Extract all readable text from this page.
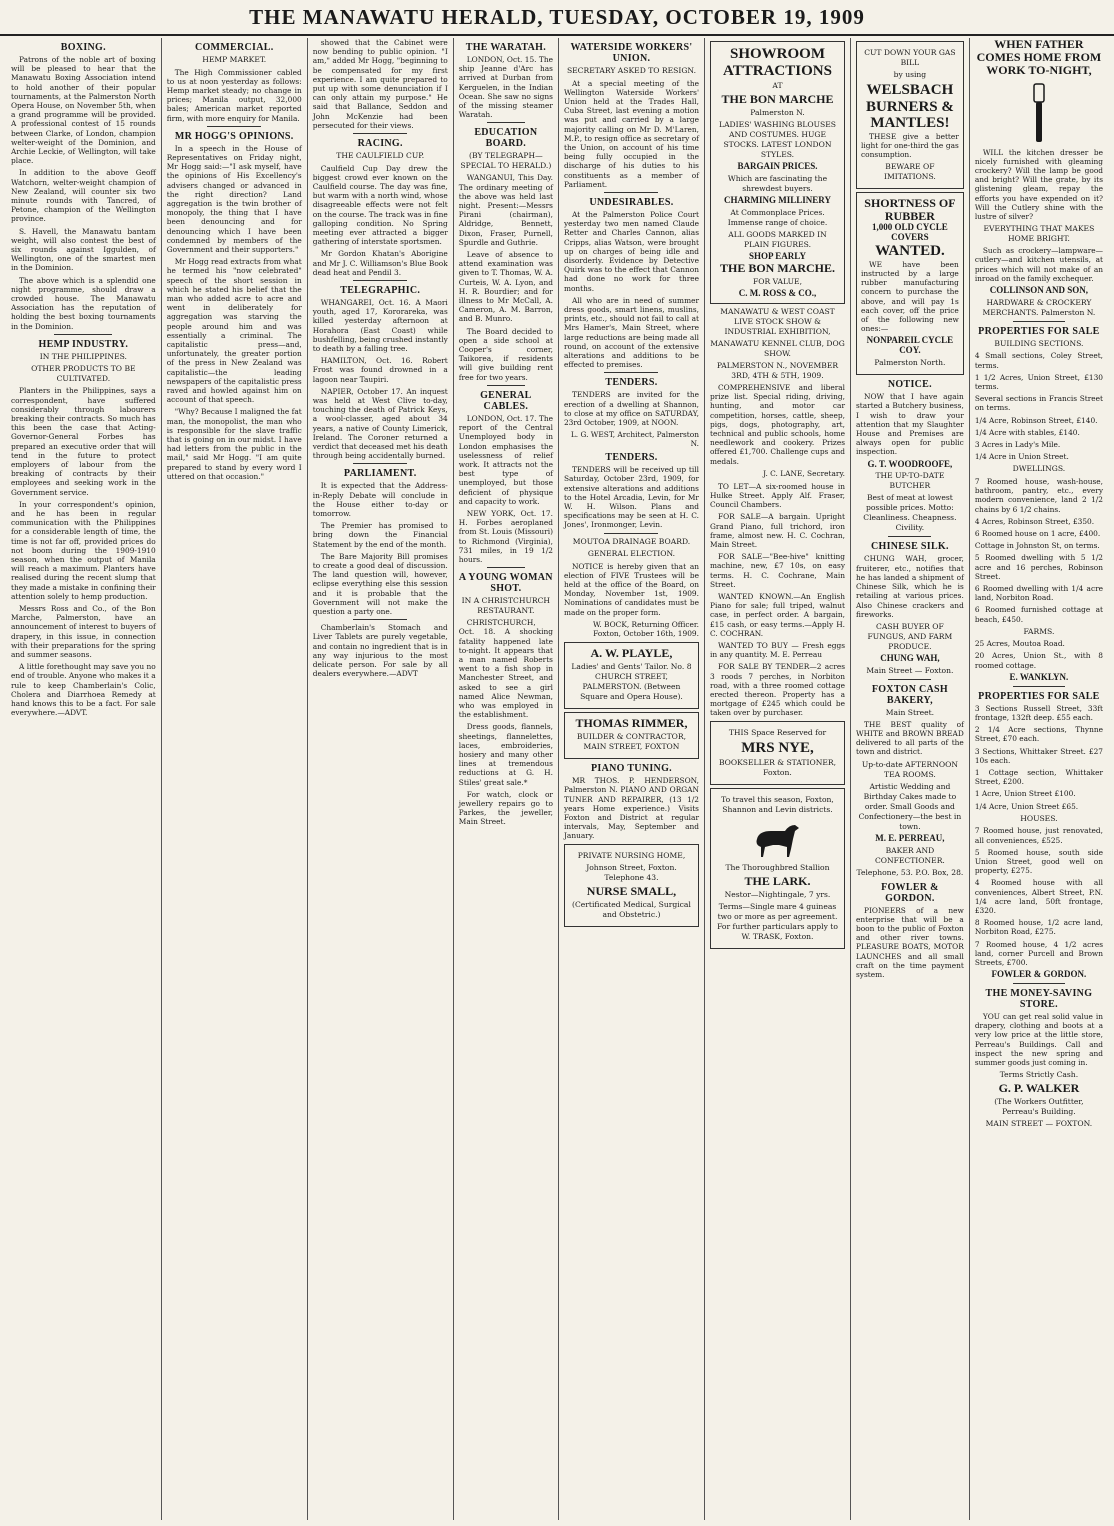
THE MANAWATU HERALD, TUESDAY, OCTOBER 19, 1909
BOXING.

Patrons of the noble art of boxing will be pleased to hear that the Manawatu Boxing Association intend to hold another of their popular tournaments, at the Palmerston North Opera House, on November 5th, when a grand programme will be provided. A professional contest of 15 rounds between Clarke, of London, champion welter-weight of the Dominion, and Archie Leckie, of Wellington, will take place.

In addition to the above Geoff Watchorn, welter-weight champion of New Zealand, will counter six two minute rounds with Tancred, of Petone, champion of the Wellington province.

S. Havell, the Manawatu bantam weight, will also contest the best of six rounds against Iggulden, of Wellington, one of the smartest men in the Dominion.

The above which is a splendid one night programme, should draw a crowded house. The Manawatu Association has the reputation of holding the best boxing tournaments in the Dominion.

HEMP INDUSTRY.
IN THE PHILIPPINES.
OTHER PRODUCTS TO BE CULTIVATED.

Planters in the Philippines, says a correspondent, have suffered considerably through labourers breaking their contracts. So much has this been the case that Acting-Governor-General Forbes has prepared an executive order that will tend in the future to protect employers of labour from the breaking of contracts by their employees and seeking work in the Government service.

In your correspondent's opinion, and he has been in regular communication with the Philippines for a considerable length of time, the time is not far off, provided prices do not boom during the 1909-1910 season, when the output of Manila will reach a maximum. Planters have realised during the recent slump that they made a mistake in confining their attention solely to hemp production.

Messrs Ross and Co., of the Bon Marche, Palmerston, have an announcement of interest to buyers of drapery, in this issue, in connection with their preparations for the spring and summer seasons.

A little forethought may save you no end of trouble. Anyone who makes it a rule to keep Chamberlain's Colic, Cholera and Diarrhoea Remedy at hand knows this to be a fact. For sale everywhere.—ADVT.

COMMERCIAL.
HEMP MARKET.

The High Commissioner cabled to us at noon yesterday as follows: Hemp market steady; no change in prices; Manila output, 32,000 bales; American market reported firm, with more enquiry for Manila.

MR HOGG'S OPINIONS.

In a speech in the House of Representatives on Friday night, Mr Hogg said:—"I ask myself, have the opinions of His Excellency's advisers changed or advanced in the right direction? Land aggregation is the twin brother of monopoly, the thing that I have been denouncing and for denouncing which I have been condemned by members of the Government and their supporters."

Mr Hogg read extracts from what he termed his "now celebrated" speech of the short session in which he stated his belief that the man who added acre to acre and went in deliberately for aggregation was starving the people around him and was essentially a criminal. The capitalistic press—and, unfortunately, the greater portion of the press in New Zealand was capitalistic—the leading newspapers of the capitalistic press raved and howled against him on account of that speech.

"Why? Because I maligned the fat man, the monopolist, the man who is responsible for the slave traffic that is going on in our midst. I have had letters from the public in the mail," said Mr Hogg. "I am quite prepared to stand by every word I uttered on that occasion."

showed that the Cabinet were now bending to public opinion. "I am," added Mr Hogg, "beginning to be compensated for my first experience. I am quite prepared to put up with some denunciation if I can only attain my purpose." He said that Ballance, Seddon and John McKenzie had been persecuted for their views.

RACING.
THE CAULFIELD CUP.

Caulfield Cup Day drew the biggest crowd ever known on the Caulfield course. The day was fine, but warm with a north wind, whose disagreeable effects were not felt on the course. The track was in fine galloping condition. No Spring meeting ever attracted a bigger gathering of interstate sportsmen.

Mr Gordon Khatan's Aborigine and Mr J. C. Williamson's Blue Book dead heat and Pendil 3.

TELEGRAPHIC.

WHANGAREI, Oct. 16. A Maori youth, aged 17, Kororareka, was killed yesterday afternoon at Horahora (East Coast) while bushfelling, being crushed instantly to death by a falling tree.

HAMILTON, Oct. 16. Robert Frost was found drowned in a lagoon near Taupiri.

NAPIER, October 17. An inquest was held at West Clive to-day, touching the death of Patrick Keys, a wool-classer, aged about 34 years, a native of County Limerick, Ireland. The Coroner returned a verdict that deceased met his death through being accidentally burned.

PARLIAMENT.

It is expected that the Address-in-Reply Debate will conclude in the House either to-day or tomorrow.

The Premier has promised to bring down the Financial Statement by the end of the month.

The Bare Majority Bill promises to create a good deal of discussion. The land question will, however, eclipse everything else this session and it is probable that the Government will not make the question a party one.

Chamberlain's Stomach and Liver Tablets are purely vegetable, and contain no ingredient that is in any way injurious to the most delicate person. For sale by all dealers everywhere.—ADVT

THE WARATAH.

LONDON, Oct. 15. The ship Jeanne d'Arc has arrived at Durban from Kerguelen, in the Indian Ocean. She saw no signs of the missing steamer Waratah.

EDUCATION BOARD.
(BY TELEGRAPH—SPECIAL TO HERALD.)

WANGANUI, This Day. The ordinary meeting of the above was held last night. Present:—Messrs Pirani (chairman), Aldridge, Bennett, Dixon, Fraser, Purnell, Spurdle and Guthrie.

Leave of absence to attend examination was given to T. Thomas, W. A. Curteis, W. A. Lyon, and H. R. Bourdier; and for illness to Mr McCall, A. Cameron, A. M. Barron, and B. Munro.

The Board decided to open a side school at Cooper's corner, Taikorea, if residents will give building rent free for two years.

GENERAL CABLES.

LONDON, Oct. 17. The report of the Central Unemployed body in London emphasises the uselessness of relief work. It attracts not the best type of unemployed, but those deficient of physique and capacity to work.

NEW YORK, Oct. 17. H. Forbes aeroplaned from St. Louis (Missouri) to Richmond (Virginia), 731 miles, in 19 1/2 hours.

A YOUNG WOMAN SHOT.
IN A CHRISTCHURCH RESTAURANT.

CHRISTCHURCH, Oct. 18. A shocking fatality happened late to-night. It appears that a man named Roberts went to a fish shop in Manchester Street, and asked to see a girl named Alice Newman, who was employed in the establishment.

Dress goods, flannels, sheetings, flannelettes, laces, embroideries, hosiery and many other lines at tremendous reductions at G. H. Stiles' great sale.*

For watch, clock or jewellery repairs go to Parkes, the jeweller, Main Street.

WATERSIDE WORKERS' UNION.
SECRETARY ASKED TO RESIGN.

At a special meeting of the Wellington Waterside Workers' Union held at the Trades Hall, Cuba Street, last evening a motion was put and carried by a large majority calling on Mr D. M'Laren, M.P., to resign office as secretary of the Union, on account of his time being fully occupied in the discharge of his duties to his constituents as a member of Parliament.

UNDESIRABLES.

At the Palmerston Police Court yesterday two men named Claude Retter and Charles Cannon, alias Cripps, alias Watson, were brought up on charges of being idle and disorderly. Evidence by Detective Quirk was to the effect that Cannon had done no work for three months.

All who are in need of summer dress goods, smart linens, muslins, prints, etc., should not fail to call at Mrs Hamer's, Main Street, where large reductions are being made all round, on account of the extensive alterations and additions to be effected to premises.

TENDERS.

TENDERS are invited for the erection of a dwelling at Shannon, to close at my office on SATURDAY, 23rd October, 1909, at NOON.

L. G. WEST, Architect, Palmerston N.
TENDERS.

TENDERS will be received up till Saturday, October 23rd, 1909, for extensive alterations and additions to the Hotel Arcadia, Levin, for Mr W. H. Wilson. Plans and specifications may be seen at H. C. Jones', Ironmonger, Levin.

MOUTOA DRAINAGE BOARD.
GENERAL ELECTION.

NOTICE is hereby given that an election of FIVE Trustees will be held at the office of the Board, on Monday, November 1st, 1909. Nominations of candidates must be made on the proper form.

W. BOCK, Returning Officer. Foxton, October 16th, 1909.
A. W. PLAYLE,
Ladies' and Gents' Tailor. No. 8 CHURCH STREET, PALMERSTON. (Between Square and Opera House).
THOMAS RIMMER,
BUILDER & CONTRACTOR, MAIN STREET, FOXTON
PIANO TUNING.

MR THOS. P. HENDERSON, Palmerston N. PIANO AND ORGAN TUNER AND REPAIRER, (13 1/2 years Home experience.) Visits Foxton and District at regular intervals, May, September and January.

PRIVATE NURSING HOME,
Johnson Street, Foxton. Telephone 43.
NURSE SMALL,
(Certificated Medical, Surgical and Obstetric.)
SHOWROOM ATTRACTIONS
AT
THE BON MARCHE
Palmerston N.
LADIES' WASHING BLOUSES AND COSTUMES. HUGE STOCKS. LATEST LONDON STYLES.
BARGAIN PRICES.
Which are fascinating the shrewdest buyers.
CHARMING MILLINERY
At Commonplace Prices. Immense range of choice.
ALL GOODS MARKED IN PLAIN FIGURES.
SHOP EARLY
THE BON MARCHE.
FOR VALUE,
C. M. ROSS & CO.,
MANAWATU & WEST COAST LIVE STOCK SHOW & INDUSTRIAL EXHIBITION,
MANAWATU KENNEL CLUB, DOG SHOW.
PALMERSTON N., NOVEMBER 3RD, 4TH & 5TH, 1909.

COMPREHENSIVE and liberal prize list. Special riding, driving, hunting, and motor car competition, horses, cattle, sheep, pigs, dogs, photography, art, technical and public schools, home needlework and cookery. Prizes offered £1,700. Challenge cups and medals.

J. C. LANE, Secretary.

TO LET—A six-roomed house in Hulke Street. Apply Alf. Fraser, Council Chambers.

FOR SALE—A bargain. Upright Grand Piano, full trichord, iron frame, almost new. H. C. Cochran, Main Street.

FOR SALE—"Bee-hive" knitting machine, new, £7 10s, on easy terms. H. C. Cochrane, Main Street.

WANTED KNOWN.—An English Piano for sale; full triped, walnut case, in perfect order. A bargain, £15 cash, or easy terms.—Apply H. C. COCHRAN.

WANTED TO BUY — Fresh eggs in any quantity. M. E. Perreau

FOR SALE BY TENDER—2 acres 3 roods 7 perches, in Norbiton road, with a three roomed cottage erected thereon. Property has a mortgage of £245 which could be taken over by purchaser.

THIS Space Reserved for
MRS NYE,
BOOKSELLER & STATIONER, Foxton.
To travel this season, Foxton, Shannon and Levin districts.
The Thoroughbred Stallion
THE LARK.
Nestor—Nightingale, 7 yrs.
Terms—Single mare 4 guineas two or more as per agreement. For further particulars apply to W. TRASK, Foxton.
CUT DOWN YOUR GAS BILL
by using
WELSBACH BURNERS & MANTLES!

THESE give a better light for one-third the gas consumption.

BEWARE OF IMITATIONS.
SHORTNESS OF RUBBER
1,000 OLD CYCLE COVERS
WANTED.

WE have been instructed by a large rubber manufacturing concern to purchase the above, and will pay 1s each cover, off the price of the following new ones:—

NONPAREIL CYCLE COY.
Palmerston North.
NOTICE.

NOW that I have again started a Butchery business, I wish to draw your attention that my Slaughter House and Premises are always open for public inspection.

G. T. WOODROOFE,
THE UP-TO-DATE BUTCHER
Best of meat at lowest possible prices. Motto: Cleanliness. Cheapness. Civility.
CHINESE SILK.

CHUNG WAH, grocer, fruiterer, etc., notifies that he has landed a shipment of Chinese Silk, which he is retailing at various prices. Also Chinese crackers and fireworks.

CASH BUYER OF FUNGUS, AND FARM PRODUCE.
CHUNG WAH,
Main Street — Foxton.
FOXTON CASH BAKERY,
Main Street.

THE BEST quality of WHITE and BROWN BREAD delivered to all parts of the town and district.

Up-to-date AFTERNOON TEA ROOMS.
Artistic Wedding and Birthday Cakes made to order. Small Goods and Confectionery—the best in town.
M. E. PERREAU,
BAKER AND CONFECTIONER.
Telephone, 53. P.O. Box, 28.
FOWLER & GORDON.

PIONEERS of a new enterprise that will be a boon to the public of Foxton and other river towns. PLEASURE BOATS, MOTOR LAUNCHES and all small craft on the time payment system.

WHEN FATHER COMES HOME FROM WORK TO-NIGHT,

WILL the kitchen dresser be nicely furnished with gleaming crockery? Will the lamp be good and bright? Will the grate, by its glistening gleam, repay the efforts you have expended on it? Will the Cutlery shine with the lustre of silver?

EVERYTHING THAT MAKES HOME BRIGHT.

Such as crockery—lampware—cutlery—and kitchen utensils, at prices which will not make of an inroad on the family exchequer.

COLLINSON AND SON,
HARDWARE & CROCKERY MERCHANTS. Palmerston N.
PROPERTIES FOR SALE
BUILDING SECTIONS.
4 Small sections, Coley Street, terms.
1 1/2 Acres, Union Street, £130 terms.
Several sections in Francis Street on terms.
1/4 Acre, Robinson Street, £140.
1/4 Acre with stables, £140.
3 Acres in Lady's Mile.
1/4 Acre in Union Street.
DWELLINGS.
7 Roomed house, wash-house, bathroom, pantry, etc., every modern convenience, land 2 1/2 chains by 6 1/2 chains.
4 Acres, Robinson Street, £350.
6 Roomed house on 1 acre, £400.
Cottage in Johnston St, on terms.
5 Roomed dwelling with 5 1/2 acre and 16 perches, Robinson Street.
6 Roomed dwelling with 1/4 acre land, Norbiton Road.
6 Roomed furnished cottage at beach, £450.
FARMS.
25 Acres, Moutoa Road.
20 Acres, Union St., with 8 roomed cottage.
E. WANKLYN.
PROPERTIES FOR SALE
3 Sections Russell Street, 33ft frontage, 132ft deep. £55 each.
2 1/4 Acre sections, Thynne Street, £70 each.
3 Sections, Whittaker Street. £27 10s each.
1 Cottage section, Whittaker Street, £200.
1 Acre, Union Street £100.
1/4 Acre, Union Street £65.
HOUSES.
7 Roomed house, just renovated, all conveniences, £525.
5 Roomed house, south side Union Street, good well on property, £275.
4 Roomed house with all conveniences, Albert Street, P.N. 1/4 acre land, 50ft frontage, £320.
8 Roomed house, 1/2 acre land, Norbiton Road, £275.
7 Roomed house, 4 1/2 acres land, corner Purcell and Brown Streets, £700.
FOWLER & GORDON.
THE MONEY-SAVING STORE.

YOU can get real solid value in drapery, clothing and boots at a very low price at the little store, Perreau's Buildings. Call and inspect the new spring and summer goods just coming in.

Terms Strictly Cash.
G. P. WALKER
(The Workers Outfitter, Perreau's Building.
MAIN STREET — FOXTON.
